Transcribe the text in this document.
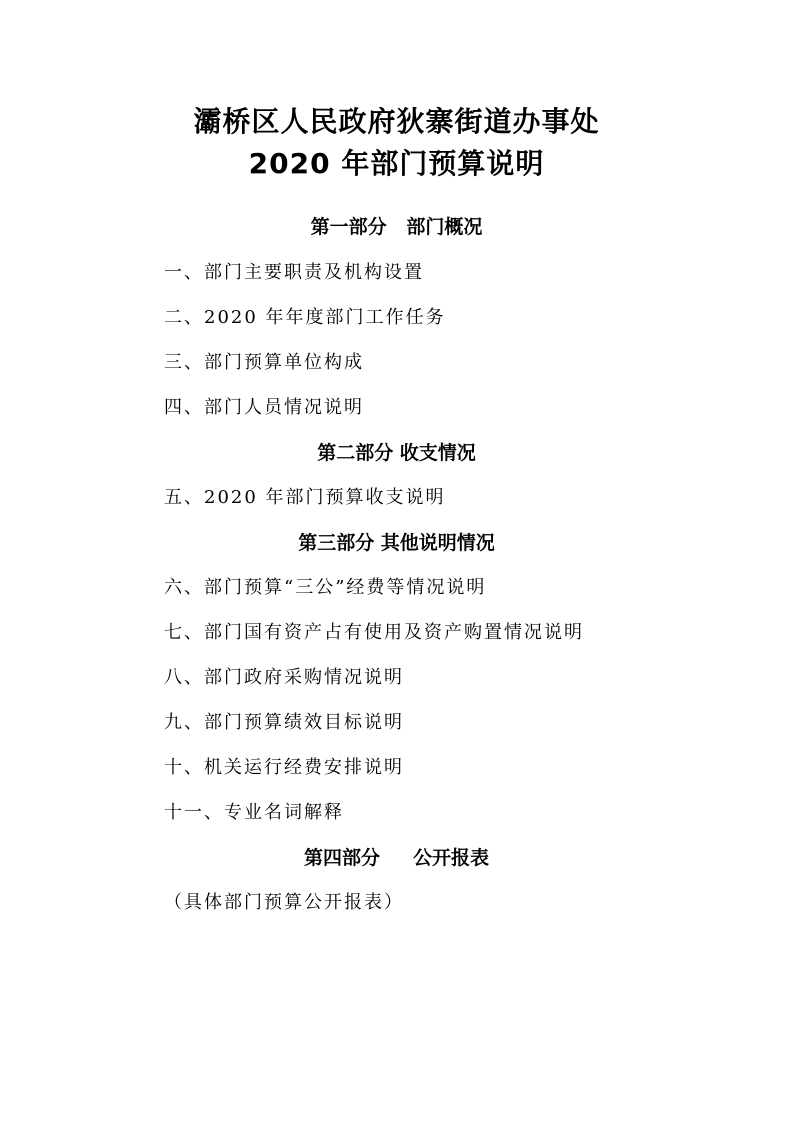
灞桥区人民政府狄寨街道办事处
2020 年部门预算说明
第一部分   部门概况
一、部门主要职责及机构设置
二、2020 年年度部门工作任务
三、部门预算单位构成
四、部门人员情况说明
第二部分 收支情况
五、2020 年部门预算收支说明
第三部分 其他说明情况
六、部门预算“三公”经费等情况说明
七、部门国有资产占有使用及资产购置情况说明
八、部门政府采购情况说明
九、部门预算绩效目标说明
十、机关运行经费安排说明
十一、专业名词解释
第四部分     公开报表
（具体部门预算公开报表）
